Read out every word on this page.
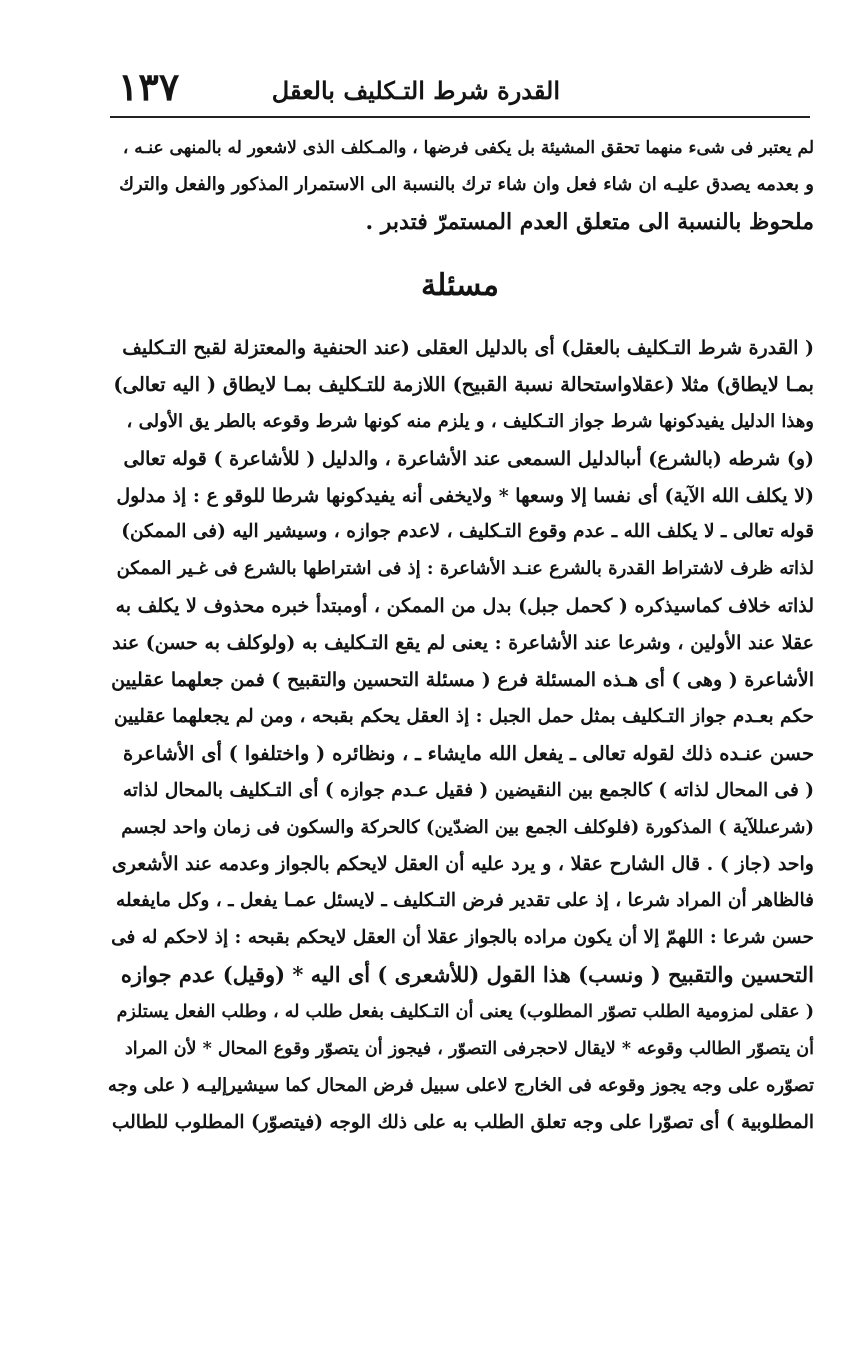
١٣٧	القدرة شرط التـكليف بالعقل
لم يعتبر فى شىء منهما تحقق المشيئة بل يكفى فرضها ، والمـكلف الذى لاشعور له بالمنهى عنـه ،
و بعدمه يصدق عليـه ان شاء فعل وان شاء ترك بالنسبة الى الاستمرار المذكور والفعل والترك
ملحوظ بالنسبة الى متعلق العدم المستمرّ فتدبر .
مسئلة
( القدرة شرط التـكليف بالعقل) أى بالدليل العقلى (عند الحنفية والمعتزلة لقبح التـكليف
بمـا لايطاق) مثلا (عقلاواستحالة نسبة القبيح) اللازمة للتـكليف بمـا لايطاق ( اليه تعالى)
وهذا الدليل يفيدكونها شرط جواز التـكليف ، و يلزم منه كونها شرط وقوعه بالطر يق الأولى ،
(و) شرطه (بالشرع) أىبالدليل السمعى عند الأشاعرة ، والدليل ( للأشاعرة ) قوله تعالى
(لا يكلف الله الآية) أى نفسا إلا وسعها * ولايخفى أنه يفيدكونها شرطا للوقو ع : إذ مدلول
قوله تعالى ـ لا يكلف الله ـ عدم وقوع التـكليف ، لاعدم جوازه ، وسيشير اليه (فى الممكن)
لذاته ظرف لاشتراط القدرة بالشرع عنـد الأشاعرة : إذ فى اشتراطها بالشرع فى غـير الممكن
لذاته خلاف كماسيذكره ( كحمل جبل) بدل من الممكن ، أومبتدأ خبره محذوف لا يكلف به
عقلا عند الأولين ، وشرعا عند الأشاعرة : يعنى لم يقع التـكليف به (ولوكلف به حسن) عند
الأشاعرة ( وهى ) أى هـذه المسئلة فرع ( مسئلة التحسين والتقبيح ) فمن جعلهما عقليين
حكم بعـدم جواز التـكليف بمثل حمل الجبل : إذ العقل يحكم بقبحه ، ومن لم يجعلهما عقليين
حسن عنـده ذلك لقوله تعالى ـ يفعل الله مايشاء ـ ، ونظائره ( واختلفوا ) أى الأشاعرة
( فى المحال لذاته ) كالجمع بين النقيضين ( فقيل عـدم جوازه ) أى التـكليف بالمحال لذاته
(شرعىللآية ) المذكورة (فلوكلف الجمع بين الضدّين) كالحركة والسكون فى زمان واحد لجسم
واحد (جاز ) . قال الشارح عقلا ، و يرد عليه أن العقل لايحكم بالجواز وعدمه عند الأشعرى
فالظاهر أن المراد شرعا ، إذ على تقدير فرض التـكليف ـ لايسئل عمـا يفعل ـ ، وكل مايفعله
حسن شرعا : اللهمّ إلا أن يكون مراده بالجواز عقلا أن العقل لايحكم بقبحه : إذ لاحكم له فى
التحسين والتقبيح ( ونسب) هذا القول (للأشعرى ) أى اليه * (وقيل) عدم جوازه
( عقلى لمزومية الطلب تصوّر المطلوب) يعنى أن التـكليف بفعل طلب له ، وطلب الفعل يستلزم
أن يتصوّر الطالب وقوعه * لايقال لاحجرفى التصوّر ، فيجوز أن يتصوّر وقوع المحال * لأن المراد
تصوّره على وجه يجوز وقوعه فى الخارج لاعلى سبيل فرض المحال كما سيشيرإليـه ( على وجه
المطلوبية ) أى تصوّرا على وجه تعلق الطلب به على ذلك الوجه (فيتصوّر) المطلوب للطالب
